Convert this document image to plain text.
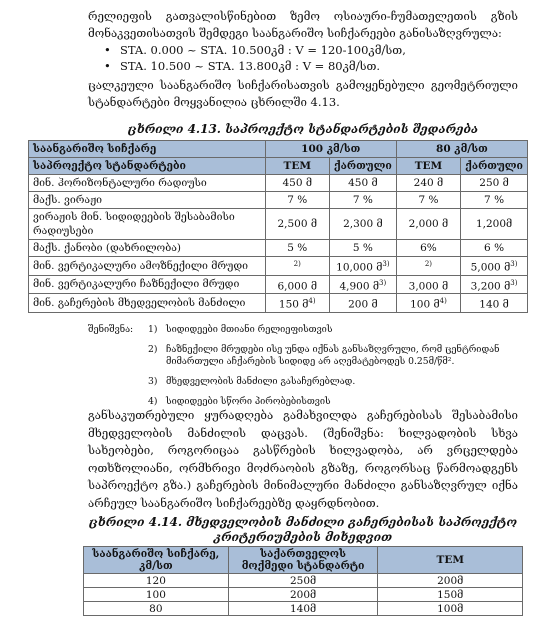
რელიეფის გათვალისწინებით ზემო ოსიაური-ჩუმათელეთის გზის მონაკვეთისათვის შემდეგი საანგარიშო სიჩქარეები განისაზღვრულა:
• STA. 0.000 ~ STA. 10.500კმ : V = 120-100კმ/სთ,
• STA. 10.500 ~ STA. 13.800კმ : V = 80კმ/სთ.
ცალკეული საანგარიშო სიჩქარისათვის გამოყენებული გეომეტრიული სტანდარტები მოყვანილია ცხრილში 4.13.
ცხრილი 4.13. საპროექტო სტანდარტების შედარება
საანგარიშო სიჩქარე	100 კმ/სთ		80 კმ/სთ	
საპროექტო სტანდარტები	TEM	ქართული	TEM	ქართული
მინ. ჰორიზონტალური რადიუსი	450 მ	450 მ	240 მ	250 მ
მაქს. ვირაჟი	7 %	7 %	7 %	7 %
ვირაჟის მინ. სიდიდეების შესაბამისი რადიუსები	2,500 მ	2,300 მ	2,000 მ	1,200მ
მაქს. ქანობი (დახრილობა)	5 %	5 %	6%	6 %
მინ. ვერტიკალური ამოზნექილი მრუდი	$^{2)}$	10,000 მ$^{3)}$	$^{2)}$	5,000 მ$^{3)}$
მინ. ვერტიკალური ჩაზნექილი მრუდი	6,000 მ	4,900 მ$^{3)}$	3,000 მ	3,200 მ$^{3)}$
მინ. გაჩერების მხედველობის მანძილი	150 მ$^{4)}$	200 მ	100 მ$^{4)}$	140 მ
შენიშვნა: 1) სიდიდეები მთიანი რელიეფისთვის
2) ჩაზნექილი მრუდები ისე უნდა იქნას განსაზღვრული, რომ ცენტრიდან
მიმართული აჩქარების სიდიდე არ აღემატებოდეს 0.25მ/წმ².
3) მხედველობის მანძილი გასაჩერებლად.
4) სიდიდეები სწორი პირობებისთვის
განსაკუთრებული ყურადღება გამახვილდა გაჩერებისას შესაბამისი მხედველობის მანძილის დაცვას. (შენიშვნა: ხილვადობის სხვა სახეობები, როგორიცაა გასწრების ხილვადობა, არ ვრცელდება ოთხზოლიანი, ორმხრივი მოძრაობის გზაზე, როგორსაც წარმოადგენს საპროექტო გზა.) გაჩერების მინიმალური მანძილი განსაზღვრულ იქნა არჩეულ საანგარიშო სიჩქარეებზე დაყრდნობით.
ცხრილი 4.14. მხედველობის მანძილი გაჩერებისას საპროექტო
კრიტერიუმების მიხედვით
საანგარიშო სიჩქარე, კმ/სთ	საქართველოს მოქმედი სტანდარტი	TEM
120	250მ	200მ
100	200მ	150მ
80	140მ	100მ
